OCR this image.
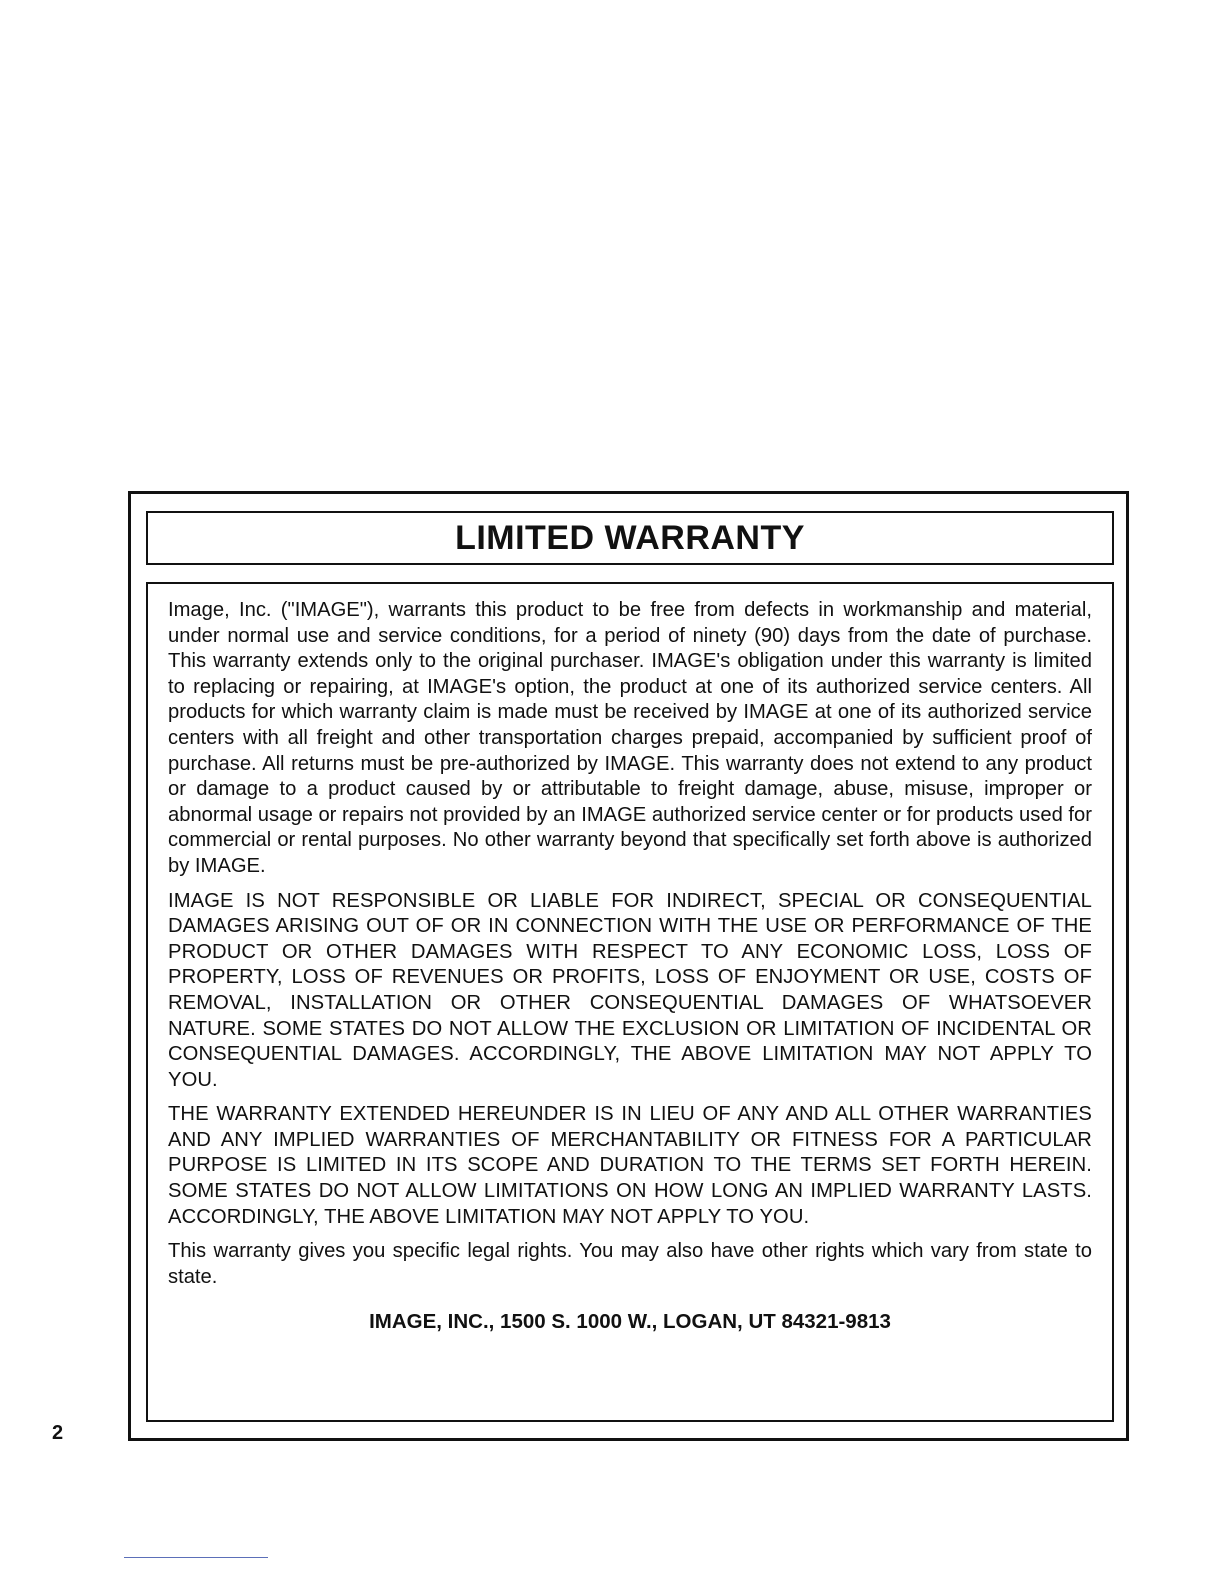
LIMITED WARRANTY

Image, Inc. ("IMAGE"), warrants this product to be free from defects in workmanship and material, under normal use and service conditions, for a period of ninety (90) days from the date of purchase. This warranty extends only to the original purchaser. IMAGE's obligation under this warranty is limited to replacing or repairing, at IMAGE's option, the product at one of its authorized service centers. All products for which warranty claim is made must be received by IMAGE at one of its authorized service centers with all freight and other transportation charges prepaid, accompanied by sufficient proof of purchase. All returns must be pre-authorized by IMAGE. This warranty does not extend to any product or damage to a product caused by or attributable to freight damage, abuse, misuse, improper or abnormal usage or repairs not provided by an IMAGE authorized service center or for products used for commercial or rental purposes. No other warranty beyond that specifically set forth above is authorized by IMAGE.

IMAGE IS NOT RESPONSIBLE OR LIABLE FOR INDIRECT, SPECIAL OR CONSEQUENTIAL DAMAGES ARISING OUT OF OR IN CONNECTION WITH THE USE OR PERFORMANCE OF THE PRODUCT OR OTHER DAMAGES WITH RESPECT TO ANY ECONOMIC LOSS, LOSS OF PROPERTY, LOSS OF REVENUES OR PROFITS, LOSS OF ENJOYMENT OR USE, COSTS OF REMOVAL, INSTALLATION OR OTHER CONSEQUENTIAL DAMAGES OF WHATSOEVER NATURE. SOME STATES DO NOT ALLOW THE EXCLUSION OR LIMITATION OF INCIDENTAL OR CONSEQUENTIAL DAMAGES. ACCORDINGLY, THE ABOVE LIMITATION MAY NOT APPLY TO YOU.

THE WARRANTY EXTENDED HEREUNDER IS IN LIEU OF ANY AND ALL OTHER WARRANTIES AND ANY IMPLIED WARRANTIES OF MERCHANTABILITY OR FITNESS FOR A PARTICULAR PURPOSE IS LIMITED IN ITS SCOPE AND DURATION TO THE TERMS SET FORTH HEREIN. SOME STATES DO NOT ALLOW LIMITATIONS ON HOW LONG AN IMPLIED WARRANTY LASTS. ACCORDINGLY, THE ABOVE LIMITATION MAY NOT APPLY TO YOU.

This warranty gives you specific legal rights. You may also have other rights which vary from state to state.

IMAGE, INC., 1500 S. 1000 W., LOGAN, UT 84321-9813
2
